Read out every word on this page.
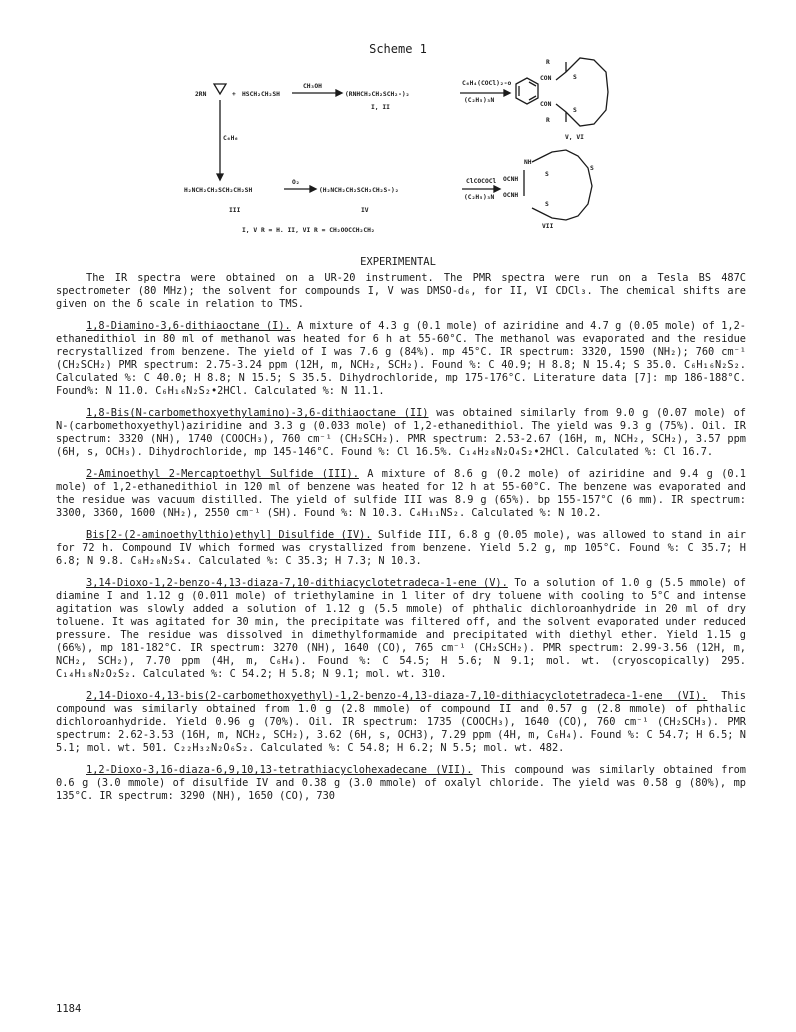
Scheme 1
2RN	+ HSCH₂CH₂SH
CH₃OH
(RNHCH₂CH₂SCH₂-)₂
I, II
C₆H₄(COCl)₂-o
(C₂H₅)₃N
R
CON
CON
R
S
S
V, VI
C₆H₆
H₂NCH₂CH₂SCH₂CH₂SH
III
O₂
(H₂NCH₂CH₂SCH₂CH₂S-)₂
IV
ClCOCOCl
(C₂H₅)₃N
NH
OCNH
OCNH
S
S
S
VII
I, V R = H. II, VI R = CH₂OOCCH₂CH₂
EXPERIMENTAL

The IR spectra were obtained on a UR-20 instrument. The PMR spectra were run on a Tesla BS 487C spectrometer (80 MHz); the solvent for compounds I, V was DMSO-d₆, for II, VI CDCl₃. The chemical shifts are given on the δ scale in relation to TMS.

1,8-Diamino-3,6-dithiaoctane (I). A mixture of 4.3 g (0.1 mole) of aziridine and 4.7 g (0.05 mole) of 1,2-ethanedithiol in 80 ml of methanol was heated for 6 h at 55-60°C. The methanol was evaporated and the residue recrystallized from benzene. The yield of I was 7.6 g (84%). mp 45°C. IR spectrum: 3320, 1590 (NH₂); 760 cm⁻¹ (CH₂SCH₂) PMR spectrum: 2.75-3.24 ppm (12H, m, NCH₂, SCH₂). Found %: C 40.9; H 8.8; N 15.4; S 35.0. C₆H₁₆N₂S₂. Calculated %: C 40.0; H 8.8; N 15.5; S 35.5. Dihydrochloride, mp 175-176°C. Literature data [7]: mp 186-188°C. Found%: N 11.0. C₆H₁₆N₂S₂•2HCl. Calculated %: N 11.1.

1,8-Bis(N-carbomethoxyethylamino)-3,6-dithiaoctane (II) was obtained similarly from 9.0 g (0.07 mole) of N-(carbomethoxyethyl)aziridine and 3.3 g (0.033 mole) of 1,2-ethanedithiol. The yield was 9.3 g (75%). Oil. IR spectrum: 3320 (NH), 1740 (COOCH₃), 760 cm⁻¹ (CH₂SCH₂). PMR spectrum: 2.53-2.67 (16H, m, NCH₂, SCH₂), 3.57 ppm (6H, s, OCH₃). Dihydrochloride, mp 145-146°C. Found %: Cl 16.5%. C₁₄H₂₈N₂O₄S₂•2HCl. Calculated %: Cl 16.7.

2-Aminoethyl 2-Mercaptoethyl Sulfide (III). A mixture of 8.6 g (0.2 mole) of aziridine and 9.4 g (0.1 mole) of 1,2-ethanedithiol in 120 ml of benzene was heated for 12 h at 55-60°C. The benzene was evaporated and the residue was vacuum distilled. The yield of sulfide III was 8.9 g (65%). bp 155-157°C (6 mm). IR spectrum: 3300, 3360, 1600 (NH₂), 2550 cm⁻¹ (SH). Found %: N 10.3. C₄H₁₁NS₂. Calculated %: N 10.2.

Bis[2-(2-aminoethylthio)ethyl] Disulfide (IV). Sulfide III, 6.8 g (0.05 mole), was allowed to stand in air for 72 h. Compound IV which formed was crystallized from benzene. Yield 5.2 g, mp 105°C. Found %: C 35.7; H 6.8; N 9.8. C₈H₂₀N₂S₄. Calculated %: C 35.3; H 7.3; N 10.3.

3,14-Dioxo-1,2-benzo-4,13-diaza-7,10-dithiacyclotetradeca-1-ene (V). To a solution of 1.0 g (5.5 mmole) of diamine I and 1.12 g (0.011 mole) of triethylamine in 1 liter of dry toluene with cooling to 5°C and intense agitation was slowly added a solution of 1.12 g (5.5 mmole) of phthalic dichloroanhydride in 20 ml of dry toluene. It was agitated for 30 min, the precipitate was filtered off, and the solvent evaporated under reduced pressure. The residue was dissolved in dimethylformamide and precipitated with diethyl ether. Yield 1.15 g (66%), mp 181-182°C. IR spectrum: 3270 (NH), 1640 (CO), 765 cm⁻¹ (CH₂SCH₂). PMR spectrum: 2.99-3.56 (12H, m, NCH₂, SCH₂), 7.70 ppm (4H, m, C₆H₄). Found %: C 54.5; H 5.6; N 9.1; mol. wt. (cryoscopically) 295. C₁₄H₁₈N₂O₂S₂. Calculated %: C 54.2; H 5.8; N 9.1; mol. wt. 310.

2,14-Dioxo-4,13-bis(2-carbomethoxyethyl)-1,2-benzo-4,13-diaza-7,10-dithiacyclotetradeca-1-ene (VI). This compound was similarly obtained from 1.0 g (2.8 mmole) of compound II and 0.57 g (2.8 mmole) of phthalic dichloroanhydride. Yield 0.96 g (70%). Oil. IR spectrum: 1735 (COOCH₃), 1640 (CO), 760 cm⁻¹ (CH₂SCH₃). PMR spectrum: 2.62-3.53 (16H, m, NCH₂, SCH₂), 3.62 (6H, s, OCH3), 7.29 ppm (4H, m, C₆H₄). Found %: C 54.7; H 6.5; N 5.1; mol. wt. 501. C₂₂H₃₂N₂O₆S₂. Calculated %: C 54.8; H 6.2; N 5.5; mol. wt. 482.

1,2-Dioxo-3,16-diaza-6,9,10,13-tetrathiacyclohexadecane (VII). This compound was similarly obtained from 0.6 g (3.0 mmole) of disulfide IV and 0.38 g (3.0 mmole) of oxalyl chloride. The yield was 0.58 g (80%), mp 135°C. IR spectrum: 3290 (NH), 1650 (CO), 730

1184
